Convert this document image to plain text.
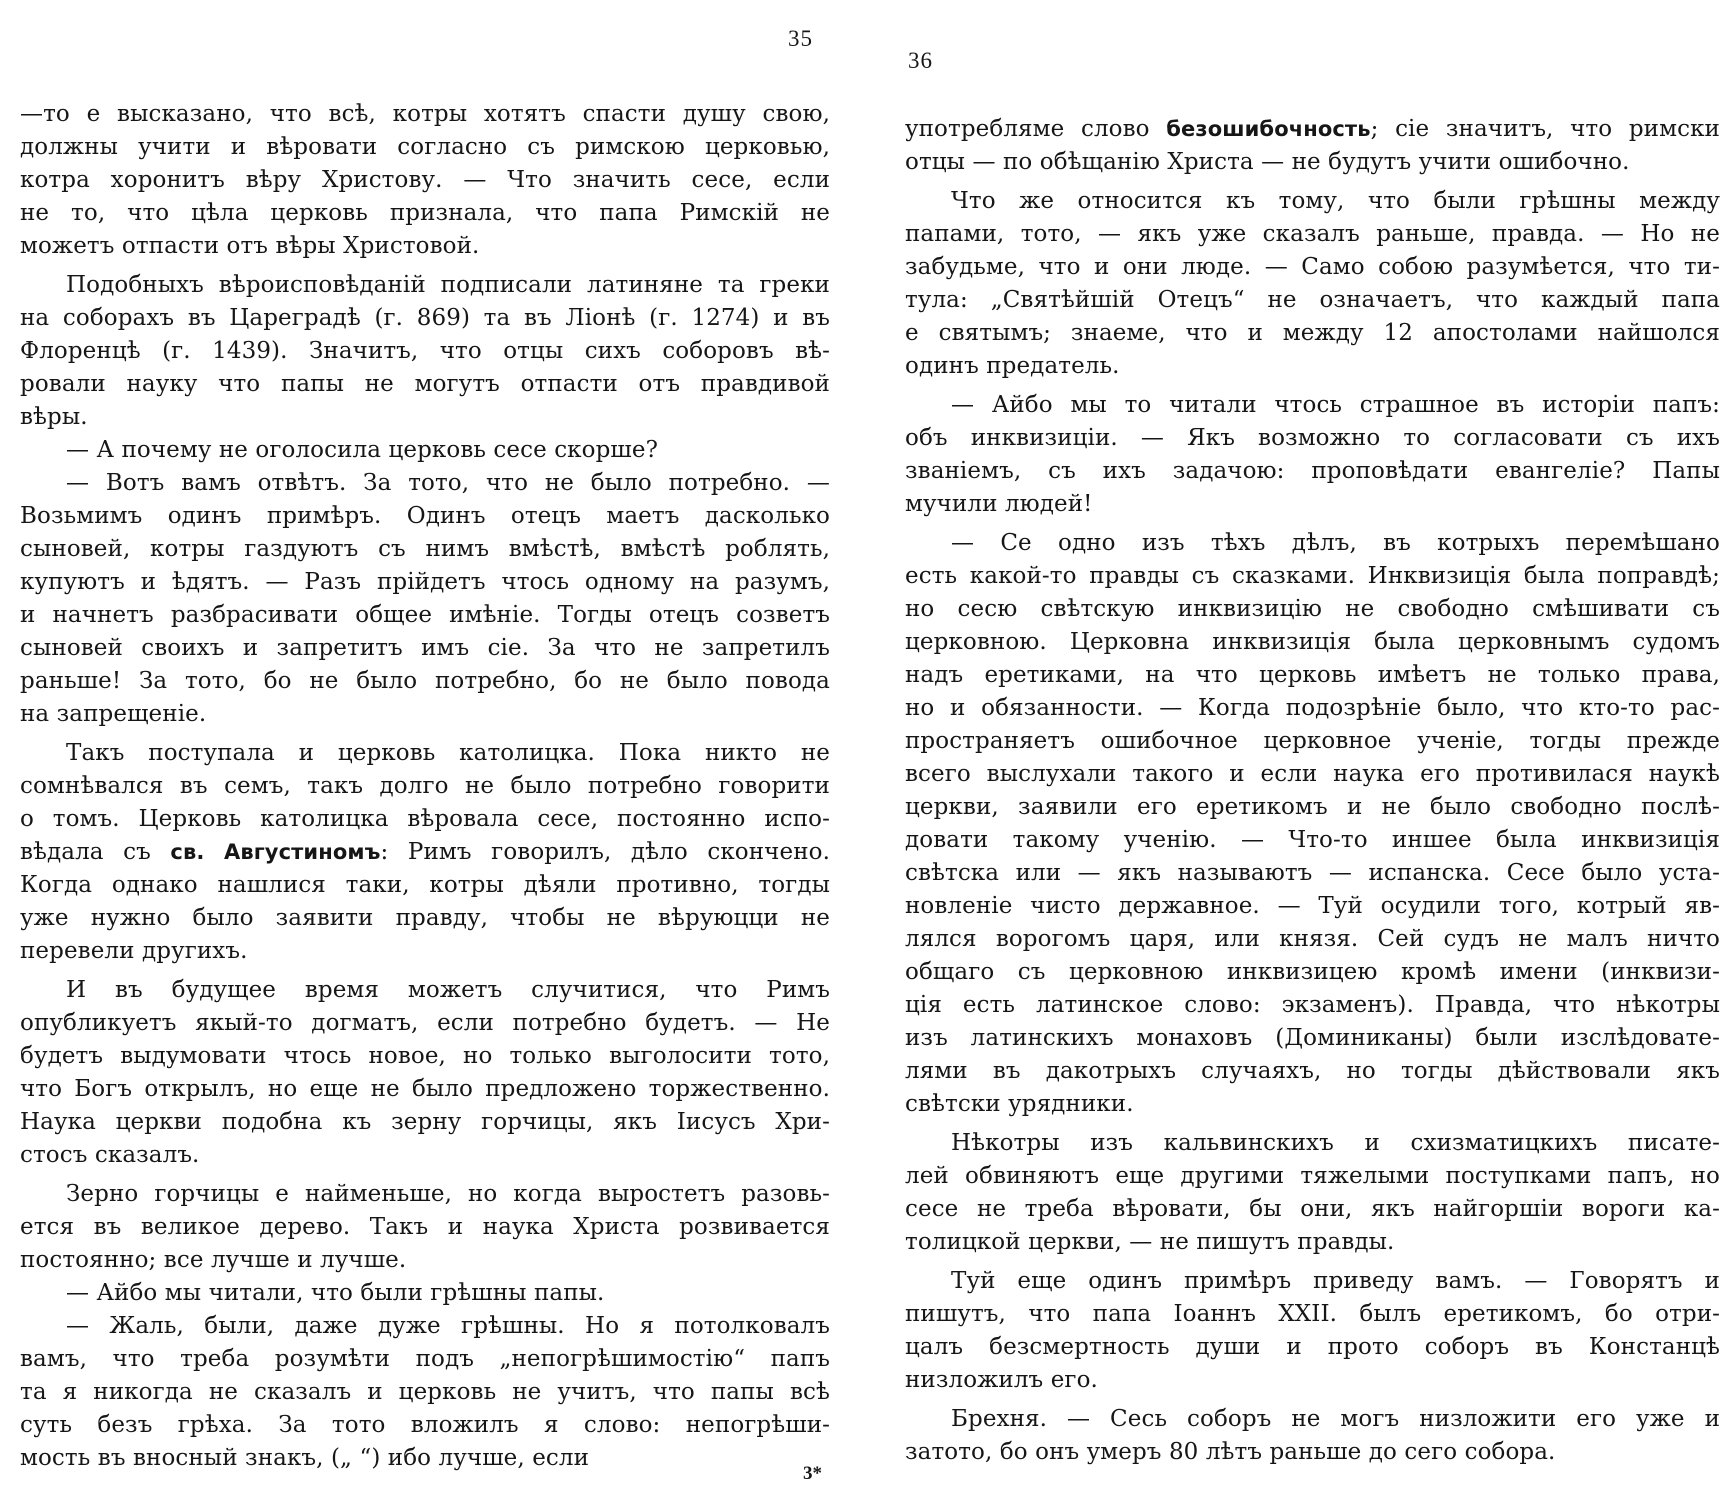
35
—то е высказано, что всѣ, котры хотятъ спасти душу свою,
должны учити и вѣровати согласно съ римскою церковью,
котра хоронитъ вѣру Христову. — Что значить сесе, если
не то, что цѣла церковь признала, что папа Римскій не
можетъ отпасти отъ вѣры Христовой.
Подобныхъ вѣроисповѣданій подписали латиняне та греки
на соборахъ въ Цареградѣ (г. 869) та въ Ліонѣ (г. 1274) и въ
Флоренцѣ (г. 1439). Значитъ, что отцы сихъ соборовъ вѣ-
ровали науку что папы не могутъ отпасти отъ правдивой
вѣры.
— А почему не оголосила церковь сесе скорше?
— Вотъ вамъ отвѣтъ. За тото, что не было потребно. —
Возьмимъ одинъ примѣръ. Одинъ отецъ маетъ дасколько
сыновей, котры газдуютъ съ нимъ вмѣстѣ, вмѣстѣ роблять,
купуютъ и ѣдятъ. — Разъ прійдетъ чтось одному на разумъ,
и начнетъ разбрасивати общее имѣніе. Тогды отецъ созветъ
сыновей своихъ и запретитъ имъ сіе. За что не запретилъ
раньше! За тото, бо не было потребно, бо не было повода
на запрещеніе.
Такъ поступала и церковь католицка. Пока никто не
сомнѣвался въ семъ, такъ долго не было потребно говорити
о томъ. Церковь католицка вѣровала сесе, постоянно испо-
вѣдала съ св. Августиномъ: Римъ говорилъ, дѣло скончено.
Когда однако нашлися таки, котры дѣяли противно, тогды
уже нужно было заявити правду, чтобы не вѣруюцци не
перевели другихъ.
И въ будущее время можетъ случитися, что Римъ
опубликуетъ якый-то догматъ, если потребно будетъ. — Не
будетъ выдумовати чтось новое, но только выголосити тото,
что Богъ открылъ, но еще не было предложено торжественно.
Наука церкви подобна къ зерну горчицы, якъ Іисусъ Хри-
стосъ сказалъ.
Зерно горчицы е найменьше, но когда выростетъ разовь-
ется въ великое дерево. Такъ и наука Христа розвивается
постоянно; все лучше и лучше.
— Айбо мы читали, что были грѣшны папы.
— Жаль, были, даже дуже грѣшны. Но я потолковалъ
вамъ, что треба розумѣти подъ „непогрѣшимостію“ папъ
та я никогда не сказалъ и церковь не учитъ, что папы всѣ
суть безъ грѣха. За тото вложилъ я слово: непогрѣши-
мость въ вносный знакъ, („ “) ибо лучше, если
3*
36
употребляме слово безошибочность; сіе значитъ, что римски
отцы — по обѣщанію Христа — не будутъ учити ошибочно.
Что же относится къ тому, что были грѣшны между
папами, тото, — якъ уже сказалъ раньше, правда. — Но не
забудьме, что и они люде. — Само собою разумѣется, что ти-
тула: „Святѣйшій Отецъ“ не означаетъ, что каждый папа
е святымъ; знаеме, что и между 12 апостолами найшолся
одинъ предатель.
— Айбо мы то читали чтось страшное въ исторіи папъ:
объ инквизиціи. — Якъ возможно то согласовати съ ихъ
званіемъ, съ ихъ задачою: проповѣдати евангеліе? Папы
мучили людей!
— Се одно изъ тѣхъ дѣлъ, въ котрыхъ перемѣшано
есть какой-то правды съ сказками. Инквизиція была поправдѣ;
но сесю свѣтскую инквизицію не свободно смѣшивати съ
церковною. Церковна инквизиція была церковнымъ судомъ
надъ еретиками, на что церковь имѣетъ не только права,
но и обязанности. — Когда подозрѣніе было, что кто-то рас-
пространяетъ ошибочное церковное ученіе, тогды прежде
всего выслухали такого и если наука его противилася наукѣ
церкви, заявили его еретикомъ и не было свободно послѣ-
довати такому ученію. — Что-то иншее была инквизиція
свѣтска или — якъ называютъ — испанска. Сесе было уста-
новленіе чисто державное. — Туй осудили того, котрый яв-
лялся ворогомъ царя, или князя. Сей судъ не малъ ничто
общаго съ церковною инквизицею кромѣ имени (инквизи-
ція есть латинское слово: экзаменъ). Правда, что нѣкотры
изъ латинскихъ монаховъ (Доминиканы) были изслѣдовате-
лями въ дакотрыхъ случаяхъ, но тогды дѣйствовали якъ
свѣтски урядники.
Нѣкотры изъ кальвинскихъ и схизматицкихъ писате-
лей обвиняютъ еще другими тяжелыми поступками папъ, но
сесе не треба вѣровати, бы они, якъ найгоршіи вороги ка-
толицкой церкви, — не пишутъ правды.
Туй еще одинъ примѣръ приведу вамъ. — Говорятъ и
пишутъ, что папа Іоаннъ XXII. былъ еретикомъ, бо отри-
цалъ безсмертность души и прото соборъ въ Констанцѣ
низложилъ его.
Брехня. — Сесь соборъ не могъ низложити его уже и
затото, бо онъ умеръ 80 лѣтъ раньше до сего собора.
